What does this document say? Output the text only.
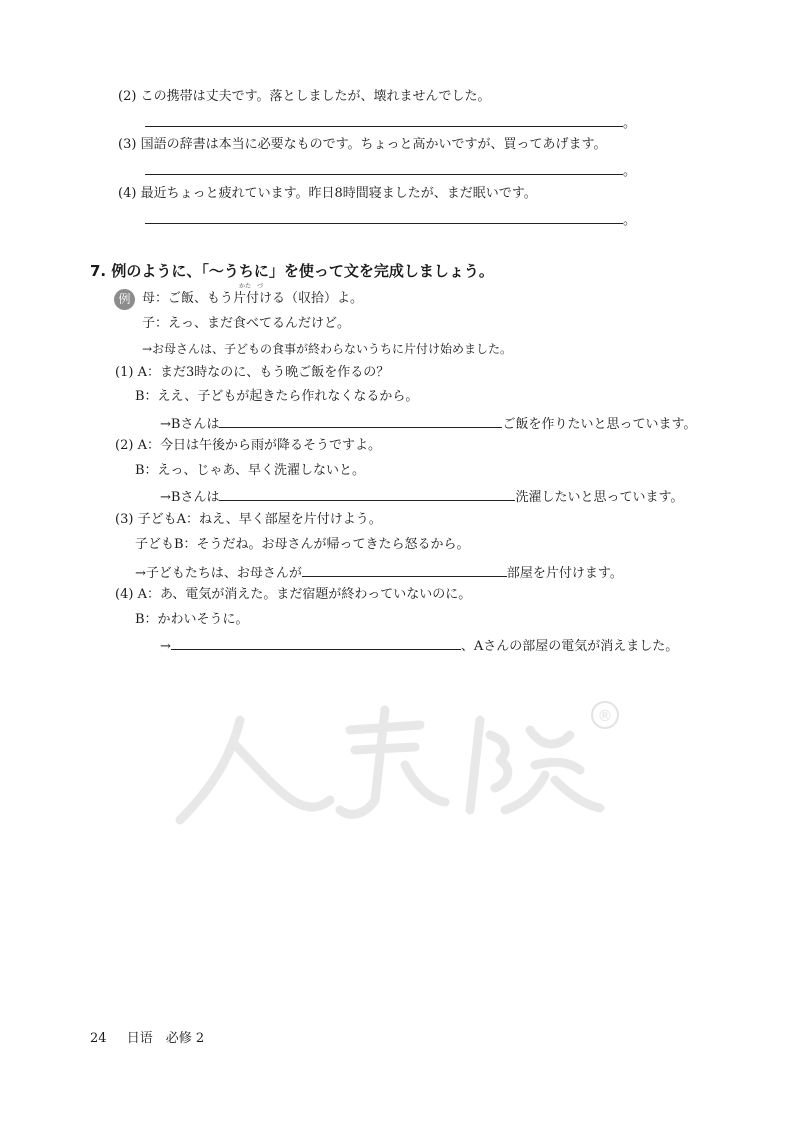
(2) この携帯は丈夫です。落としましたが、壊れませんでした。
。
(3) 国語の辞書は本当に必要なものです。ちょっと高かいですが、買ってあげます。
。
(4) 最近ちょっと疲れています。昨日8時間寝ましたが、まだ眠いです。
。
7. 例のように、「～うちに」を使って文を完成しましょう。
例
かた　づ
母：ご飯、もう片付ける（収拾）よ。
子：えっ、まだ食べてるんだけど。
→お母さんは、子どもの食事が終わらないうちに片付け始めました。
(1) A：まだ3時なのに、もう晩ご飯を作るの？
B：ええ、子どもが起きたら作れなくなるから。
→Bさんは	ご飯を作りたいと思っています。
(2) A：今日は午後から雨が降るそうですよ。
B：えっ、じゃあ、早く洗濯しないと。
→Bさんは	洗濯したいと思っています。
(3) 子どもA：ねえ、早く部屋を片付けよう。
子どもB：そうだね。お母さんが帰ってきたら怒るから。
→子どもたちは、お母さんが	部屋を片付けます。
(4) A：あ、電気が消えた。まだ宿題が終わっていないのに。
B：かわいそうに。
→	、Aさんの部屋の電気が消えました。
®
24 日语　必修 2
